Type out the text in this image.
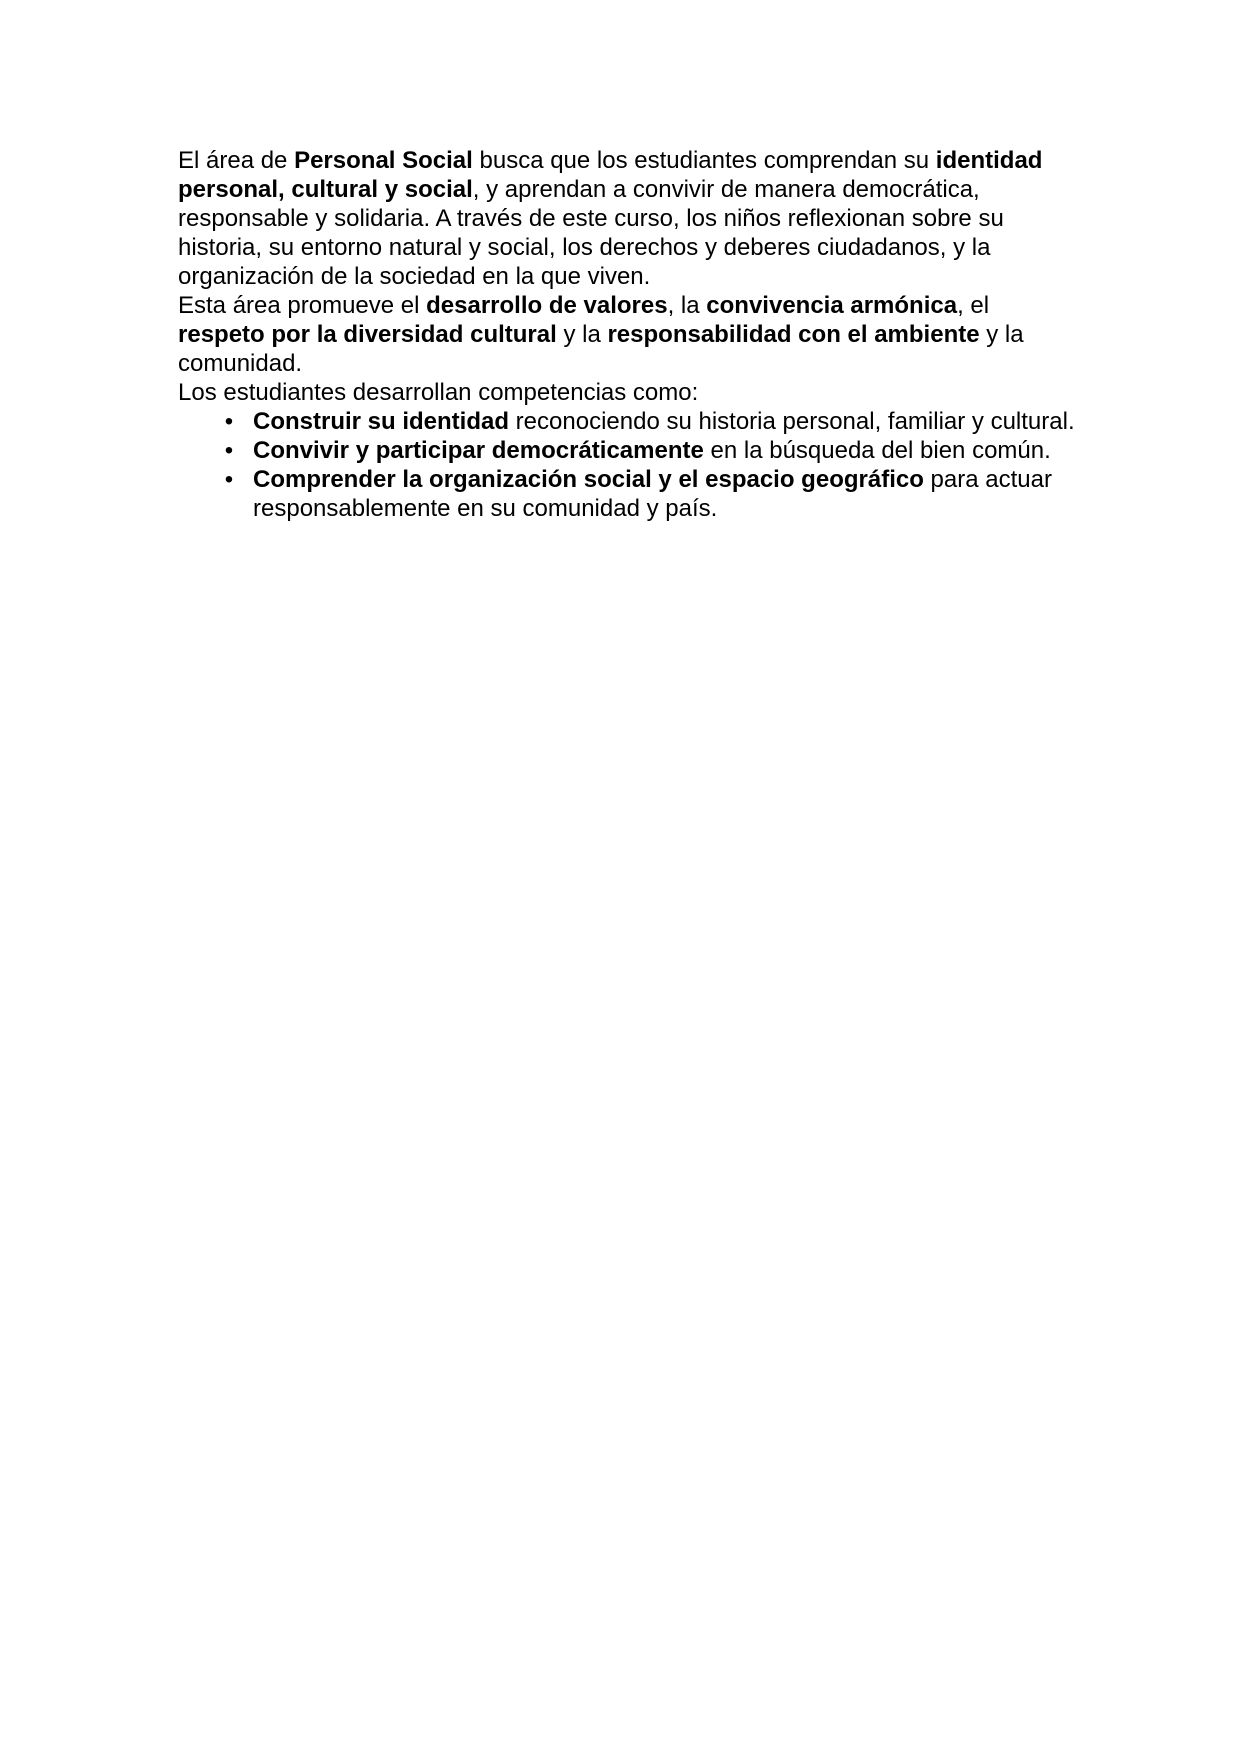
El área de Personal Social busca que los estudiantes comprendan su identidad personal, cultural y social, y aprendan a convivir de manera democrática, responsable y solidaria. A través de este curso, los niños reflexionan sobre su historia, su entorno natural y social, los derechos y deberes ciudadanos, y la organización de la sociedad en la que viven.

Esta área promueve el desarrollo de valores, la convivencia armónica, el respeto por la diversidad cultural y la responsabilidad con el ambiente y la comunidad.

Los estudiantes desarrollan competencias como:

• Construir su identidad reconociendo su historia personal, familiar y cultural.
• Convivir y participar democráticamente en la búsqueda del bien común.
• Comprender la organización social y el espacio geográfico para actuar responsablemente en su comunidad y país.
